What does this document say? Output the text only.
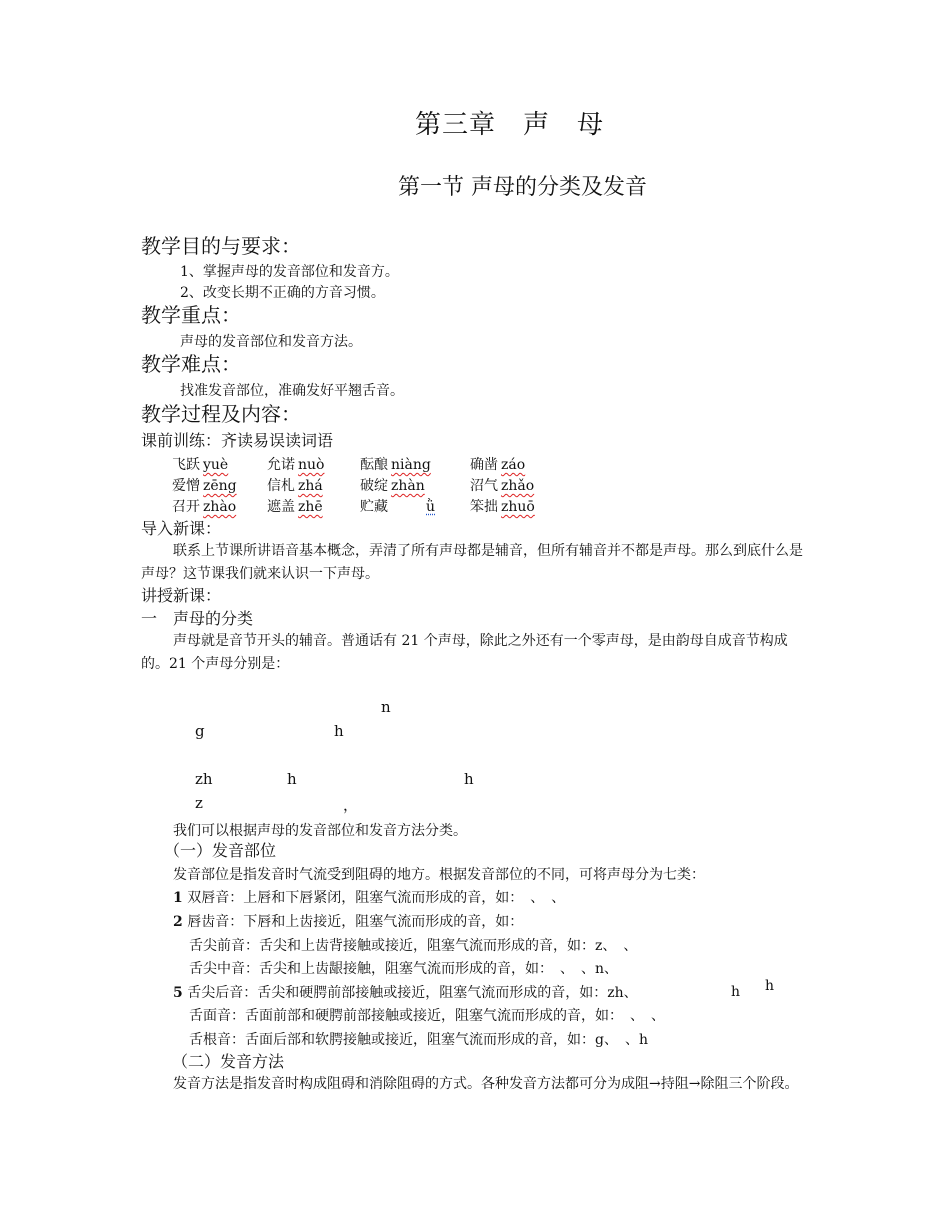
第三章　声　母
第一节 声母的分类及发音
教学目的与要求：
1、掌握声母的发音部位和发音方。
2、改变长期不正确的方音习惯。
教学重点：
声母的发音部位和发音方法。
教学难点：
找准发音部位，准确发好平翘舌音。
教学过程及内容：
课前训练：齐读易误读词语
飞跃 yuè	允诺 nuò	酝酿 niàng	确凿 záo
爱憎 zēng 信札 zhá	破绽 zhàn	沼气 zhǎo
召开 zhào 遮盖 zhē	贮藏	ǜ 笨拙 zhuō
导入新课：
联系上节课所讲语音基本概念，弄清了所有声母都是辅音，但所有辅音并不都是声母。那么到底什么是声母？这节课我们就来认识一下声母。
讲授新课：
一　声母的分类
声母就是音节开头的辅音。普通话有 21 个声母，除此之外还有一个零声母，是由韵母自成音节构成的。21 个声母分别是：
n
g	h
zh	h	h
z	，
我们可以根据声母的发音部位和发音方法分类。
（一）发音部位
发音部位是指发音时气流受到阻碍的地方。根据发音部位的不同，可将声母分为七类：
1 双唇音：上唇和下唇紧闭，阻塞气流而形成的音，如：　、　、
2 唇齿音：下唇和上齿接近，阻塞气流而形成的音，如：
舌尖前音：舌尖和上齿背接触或接近，阻塞气流而形成的音，如：z、　、
舌尖中音：舌尖和上齿龈接触，阻塞气流而形成的音，如：　、　、n、
5 舌尖后音：舌尖和硬腭前部接触或接近，阻塞气流而形成的音，如：zh、	h h
舌面音：舌面前部和硬腭前部接触或接近，阻塞气流而形成的音，如：　、　、
舌根音：舌面后部和软腭接触或接近，阻塞气流而形成的音，如：g、　、h
（二）发音方法
发音方法是指发音时构成阻碍和消除阻碍的方式。各种发音方法都可分为成阻→持阻→除阻三个阶段。
